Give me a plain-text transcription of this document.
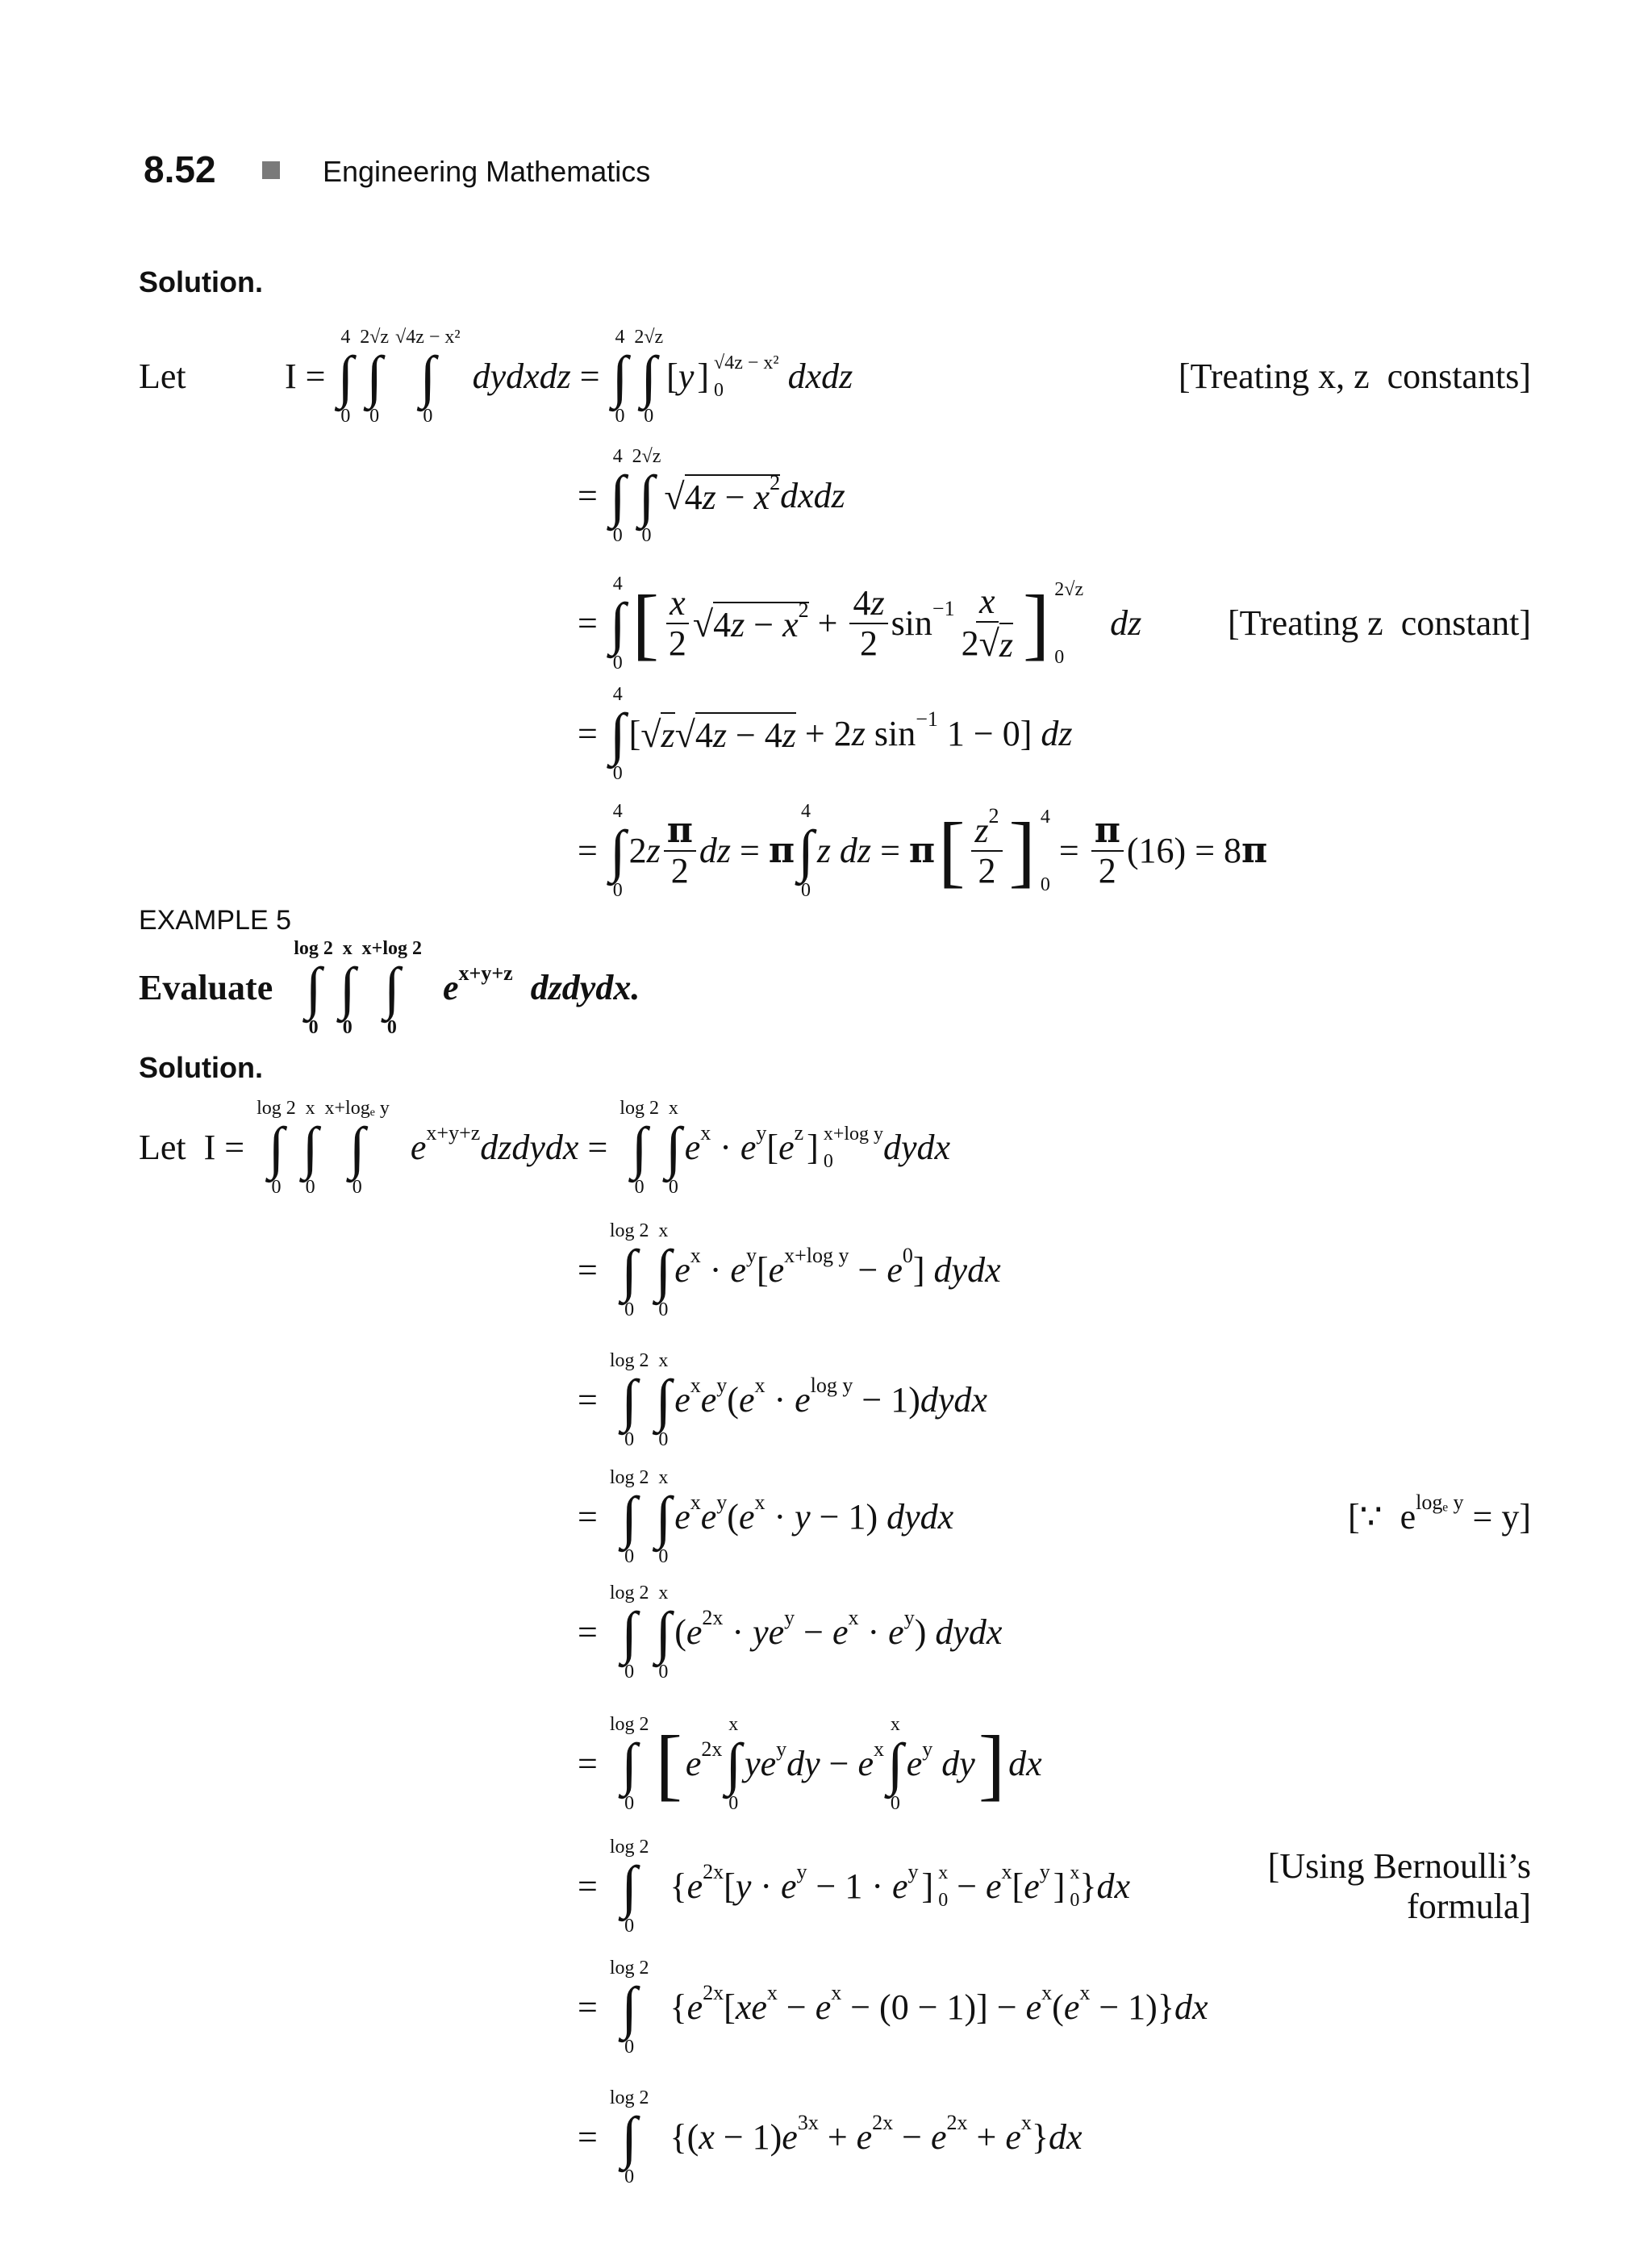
8.52	Engineering Mathematics
Solution.
EXAMPLE 5
Solution.
Let	[Treating x, z  constants]
[Treating z  constant]
[∵  e logₑ y = y]
[Using Bernoulli’s formula]
I =
4
∫
0
2√z
∫
0
√4z − x²
∫
0
dydxdz =
4
∫
0
2√z
∫
0
[ y ] √4z − x²
0	dxdz
=
4
∫
0
2√z
∫
0
√ 4 z − x 2 dxdz
=
4
∫
0 [ $\frac{x}{2}$ √ 4 z − x $2 + \frac{4 z}{2}$ $\sin -1 \frac{x}{2 √ z}$ ] 2√z
0
dz
=
4
∫
0
[ √ z √ 4 z − 4 z + 2 z sin −1 1 − 0] dz
=
4
∫
0
2 z $\frac{\pi}{2}$ dz = π
4
∫
0
z dz = π [ $\frac{z 2}{2}$ ] 4
0
= $\frac{\pi}{2} (16) = 8$ π
Evaluate
log 2
∫
0
x
∫
0
x+log 2
∫
0
e x+y+z dzdydx.
Let  I =
log 2
∫
0
x
∫
0
x+logₑ y
∫
0
e x+y+z dzdydx =
log 2
∫
0
x
∫
0
e x · e y [ e z ] x+log y
0	dydx
=
log 2
∫
0
x
∫
0
e x · e y [ e x+log y − e 0 ] dydx
=
log 2
∫
0
x
∫
0
e x e y ( e x · e log y − 1) dydx
=
log 2
∫
0
x
∫
0
e x e y ( e x · y − 1) dydx
=
log 2
∫
0
x
∫
0
( e 2x · ye y − e x · e y ) dydx
=
log 2
∫
0 [ e 2x
x
∫
0
ye y dy − e x
x
∫
0
e y dy ] dx
=
log 2
∫
0
{ e 2x [ y · e y − 1 · e y ] x
0 − e x [ e y ] x
0 } dx
=
log 2
∫
0
{ e 2x [ xe x − e x − (0 − 1)] − e x ( e x − 1)} dx
=
log 2
∫
0
{( x − 1) e 3x + e 2x − e 2x + e x } dx
